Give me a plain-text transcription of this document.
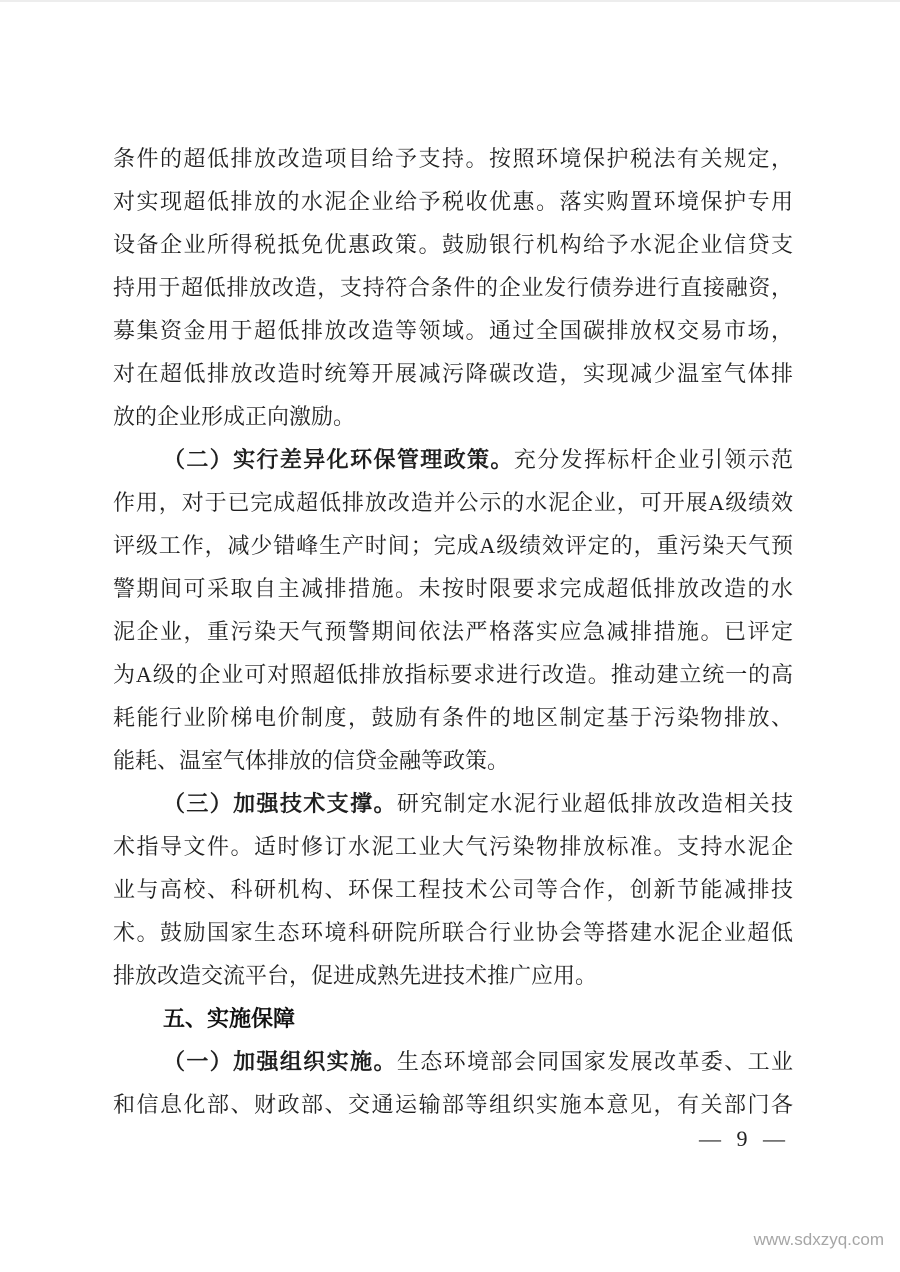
条件的超低排放改造项目给予支持。按照环境保护税法有关规定，
对实现超低排放的水泥企业给予税收优惠。落实购置环境保护专用
设备企业所得税抵免优惠政策。鼓励银行机构给予水泥企业信贷支
持用于超低排放改造，支持符合条件的企业发行债券进行直接融资，
募集资金用于超低排放改造等领域。通过全国碳排放权交易市场，
对在超低排放改造时统筹开展减污降碳改造，实现减少温室气体排
放的企业形成正向激励。
（二）实行差异化环保管理政策。充分发挥标杆企业引领示范
作用，对于已完成超低排放改造并公示的水泥企业，可开展A级绩效
评级工作，减少错峰生产时间；完成A级绩效评定的，重污染天气预
警期间可采取自主减排措施。未按时限要求完成超低排放改造的水
泥企业，重污染天气预警期间依法严格落实应急减排措施。已评定
为A级的企业可对照超低排放指标要求进行改造。推动建立统一的高
耗能行业阶梯电价制度，鼓励有条件的地区制定基于污染物排放、
能耗、温室气体排放的信贷金融等政策。
（三）加强技术支撑。研究制定水泥行业超低排放改造相关技
术指导文件。适时修订水泥工业大气污染物排放标准。支持水泥企
业与高校、科研机构、环保工程技术公司等合作，创新节能减排技
术。鼓励国家生态环境科研院所联合行业协会等搭建水泥企业超低
排放改造交流平台，促进成熟先进技术推广应用。
五、实施保障
（一）加强组织实施。生态环境部会同国家发展改革委、工业
和信息化部、财政部、交通运输部等组织实施本意见，有关部门各
— 9 —
www.sdxzyq.com
